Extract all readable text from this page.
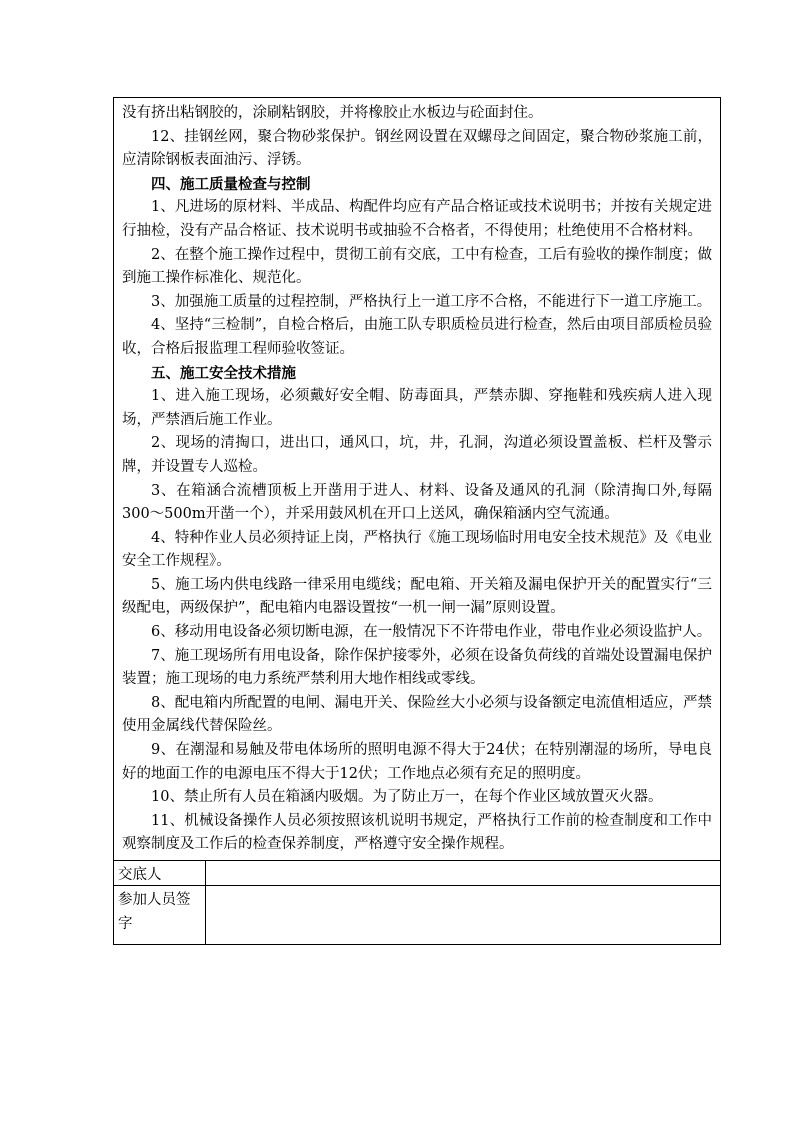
没有挤出粘钢胶的，涂刷粘钢胶，并将橡胶止水板边与砼面封住。

12、挂钢丝网，聚合物砂浆保护。钢丝网设置在双螺母之间固定，聚合物砂浆施工前，应清除钢板表面油污、浮锈。

四、施工质量检查与控制

1、凡进场的原材料、半成品、构配件均应有产品合格证或技术说明书；并按有关规定进行抽检，没有产品合格证、技术说明书或抽验不合格者，不得使用；杜绝使用不合格材料。

2、在整个施工操作过程中，贯彻工前有交底，工中有检查，工后有验收的操作制度；做到施工操作标准化、规范化。

3、加强施工质量的过程控制，严格执行上一道工序不合格，不能进行下一道工序施工。

4、坚持“三检制”，自检合格后，由施工队专职质检员进行检查，然后由项目部质检员验收，合格后报监理工程师验收签证。

五、施工安全技术措施

1、进入施工现场，必须戴好安全帽、防毒面具，严禁赤脚、穿拖鞋和残疾病人进入现场，严禁酒后施工作业。

2、现场的清掏口，进出口，通风口，坑，井，孔洞，沟道必须设置盖板、栏杆及警示牌，并设置专人巡检。

3、在箱涵合流槽顶板上开凿用于进人、材料、设备及通风的孔洞（除清掏口外,每隔300～500m开凿一个），并采用鼓风机在开口上送风，确保箱涵内空气流通。

4、特种作业人员必须持证上岗，严格执行《施工现场临时用电安全技术规范》及《电业安全工作规程》。

5、施工场内供电线路一律采用电缆线；配电箱、开关箱及漏电保护开关的配置实行“三级配电，两级保护”，配电箱内电器设置按“一机一闸一漏”原则设置。

6、移动用电设备必须切断电源，在一般情况下不许带电作业，带电作业必须设监护人。

7、施工现场所有用电设备，除作保护接零外，必须在设备负荷线的首端处设置漏电保护装置；施工现场的电力系统严禁利用大地作相线或零线。

8、配电箱内所配置的电闸、漏电开关、保险丝大小必须与设备额定电流值相适应，严禁使用金属线代替保险丝。

9、在潮湿和易触及带电体场所的照明电源不得大于24伏；在特别潮湿的场所，导电良好的地面工作的电源电压不得大于12伏；工作地点必须有充足的照明度。

10、禁止所有人员在箱涵内吸烟。为了防止万一，在每个作业区域放置灭火器。

11、机械设备操作人员必须按照该机说明书规定，严格执行工作前的检查制度和工作中观察制度及工作后的检查保养制度，严格遵守安全操作规程。

交底人
参加人员签字
